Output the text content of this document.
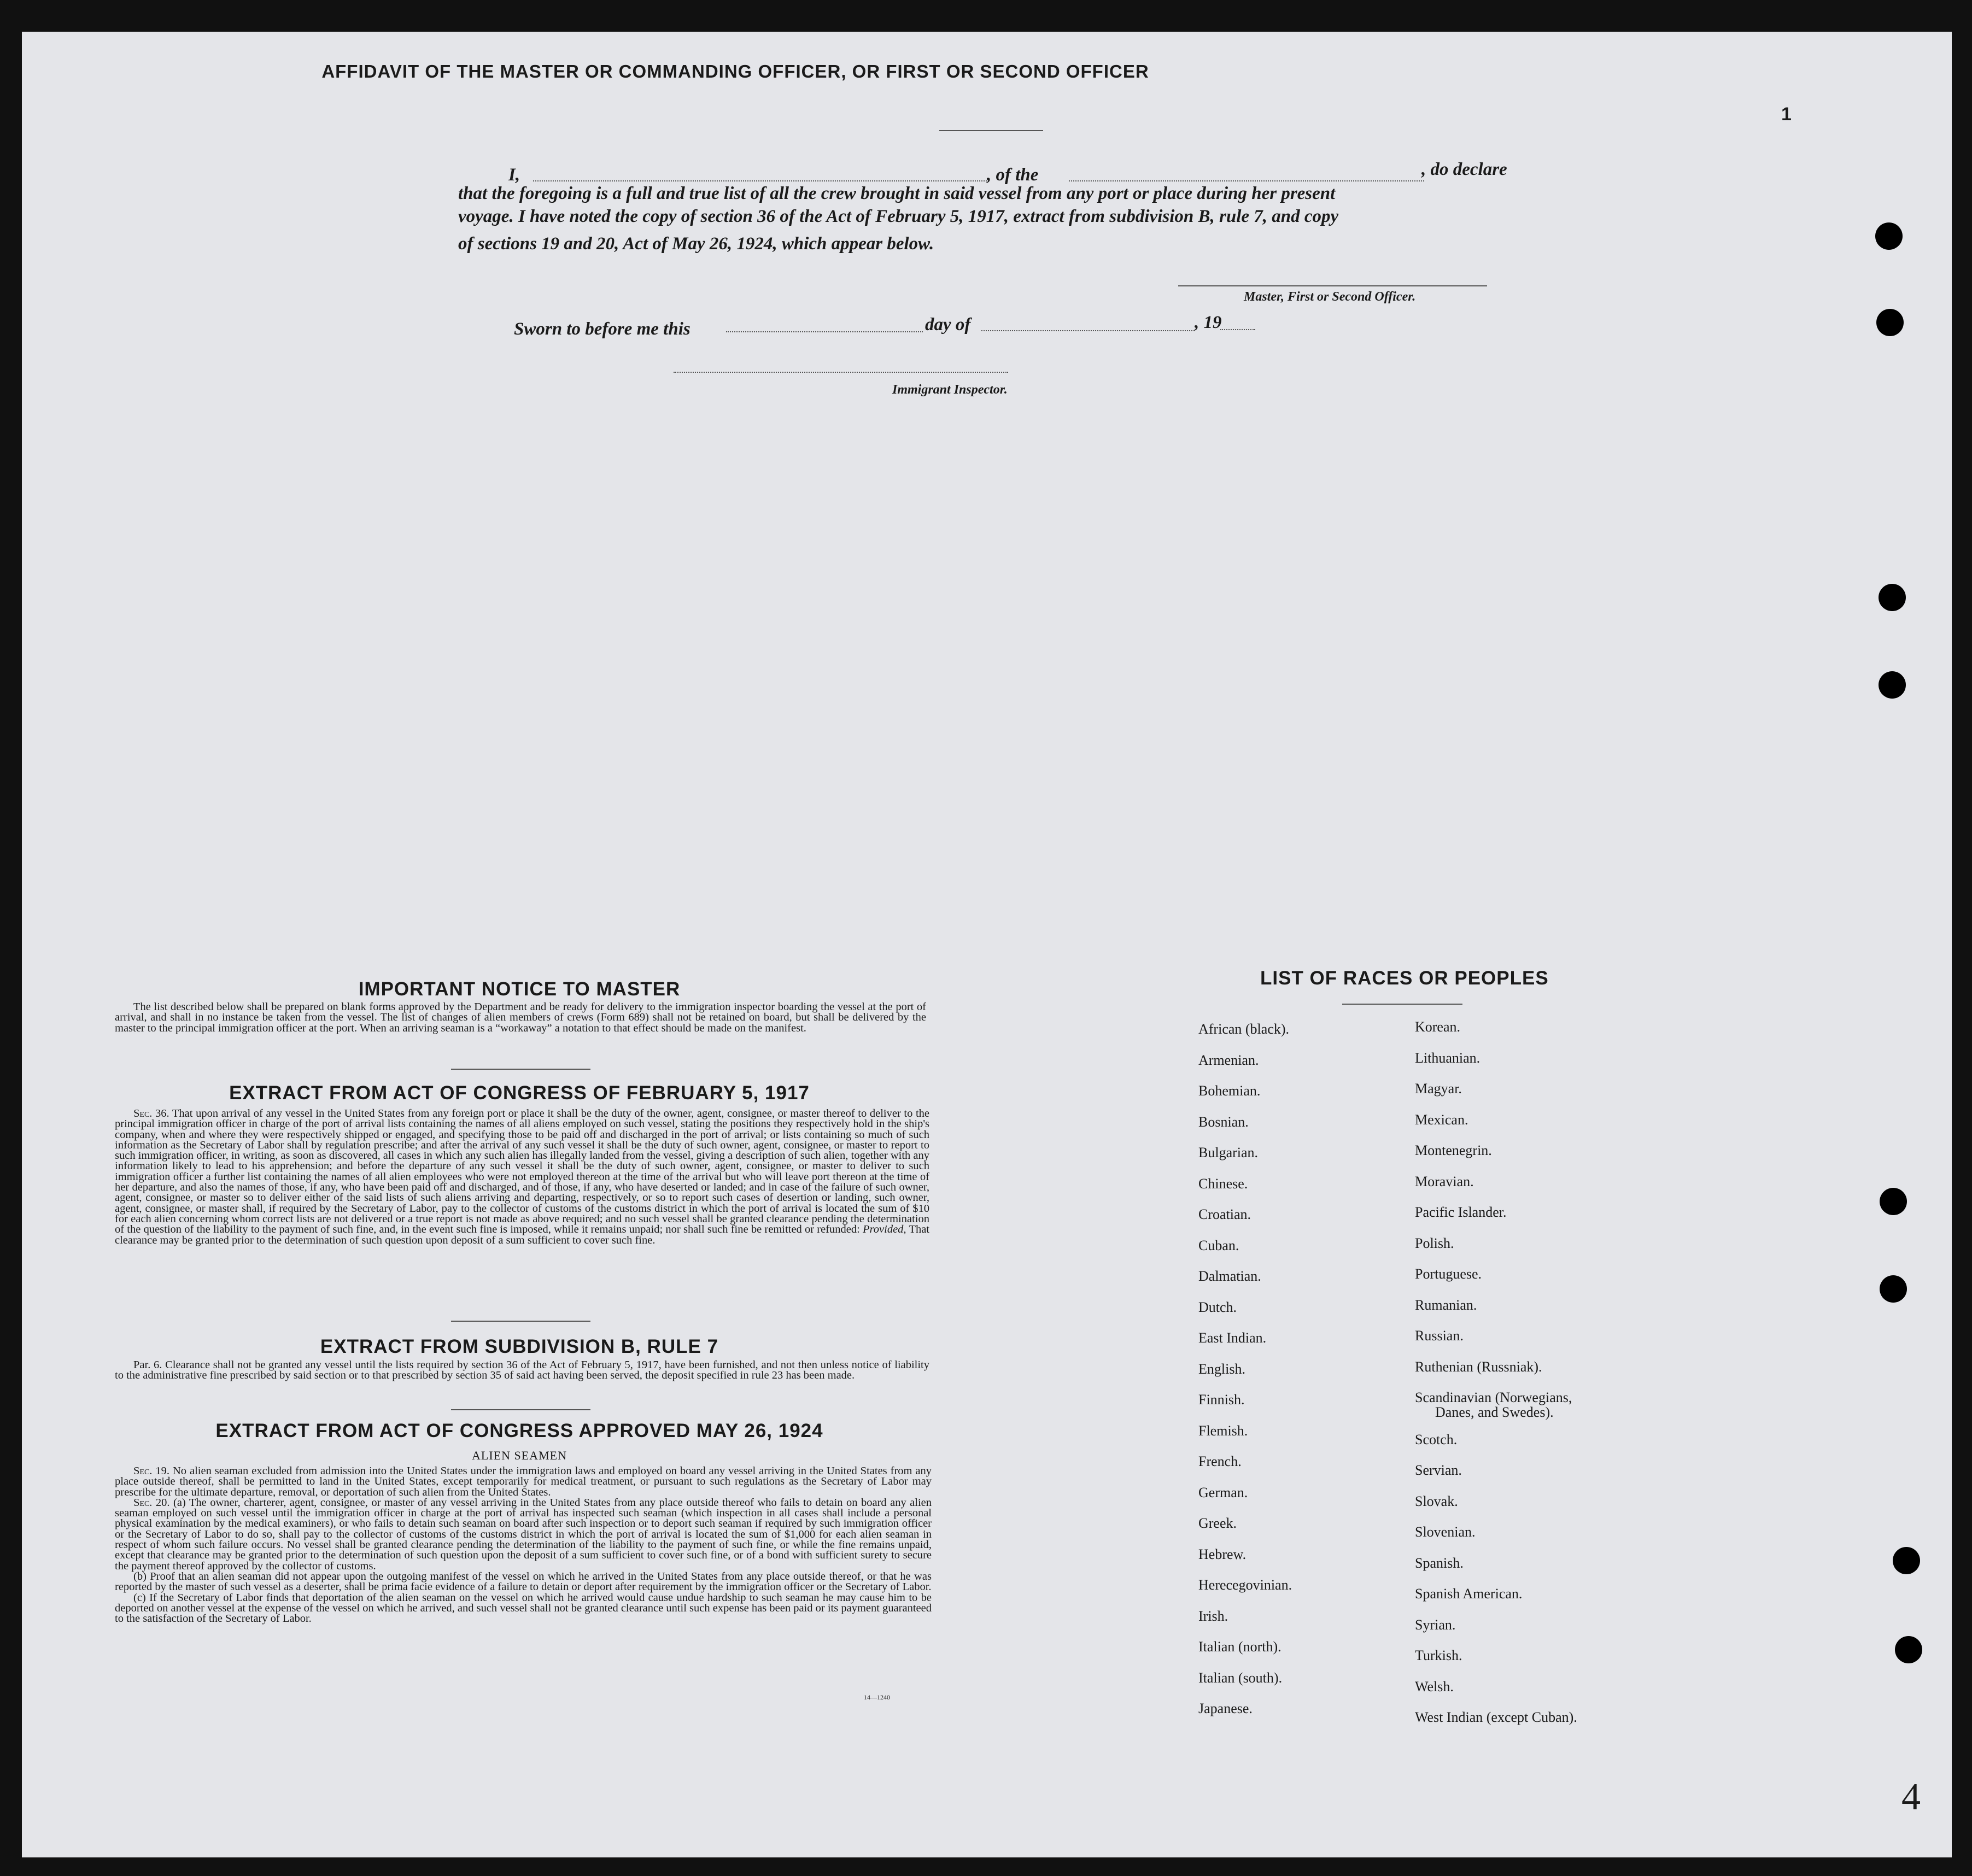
1
4
AFFIDAVIT OF THE MASTER OR COMMANDING OFFICER, OR FIRST OR SECOND OFFICER
I,	, of the	, do declare
that the foregoing is a full and true list of all the crew brought in said vessel from any port or place during her present
voyage. I have noted the copy of section 36 of the Act of February 5, 1917, extract from subdivision B, rule 7, and copy
of sections 19 and 20, Act of May 26, 1924, which appear below.
Master, First or Second Officer.
Sworn to before me this	day of	, 19
Immigrant Inspector.
IMPORTANT NOTICE TO MASTER
The list described below shall be prepared on blank forms approved by the Department and be ready for delivery to the immigration inspector boarding the vessel at the port of arrival, and shall in no instance be taken from the vessel. The list of changes of alien members of crews (Form 689) shall not be retained on board, but shall be delivered by the master to the principal immigration officer at the port. When an arriving seaman is a “workaway” a notation to that effect should be made on the manifest.
EXTRACT FROM ACT OF CONGRESS OF FEBRUARY 5, 1917
Sec. 36. That upon arrival of any vessel in the United States from any foreign port or place it shall be the duty of the owner, agent, consignee, or master thereof to deliver to the principal immigration officer in charge of the port of arrival lists containing the names of all aliens employed on such vessel, stating the positions they respectively hold in the ship's company, when and where they were respectively shipped or engaged, and specifying those to be paid off and discharged in the port of arrival; or lists containing so much of such information as the Secretary of Labor shall by regulation prescribe; and after the arrival of any such vessel it shall be the duty of such owner, agent, consignee, or master to report to such immigration officer, in writing, as soon as discovered, all cases in which any such alien has illegally landed from the vessel, giving a description of such alien, together with any information likely to lead to his apprehension; and before the departure of any such vessel it shall be the duty of such owner, agent, consignee, or master to deliver to such immigration officer a further list containing the names of all alien employees who were not employed thereon at the time of the arrival but who will leave port thereon at the time of her departure, and also the names of those, if any, who have been paid off and discharged, and of those, if any, who have deserted or landed; and in case of the failure of such owner, agent, consignee, or master so to deliver either of the said lists of such aliens arriving and departing, respectively, or so to report such cases of desertion or landing, such owner, agent, consignee, or master shall, if required by the Secretary of Labor, pay to the collector of customs of the customs district in which the port of arrival is located the sum of $10 for each alien concerning whom correct lists are not delivered or a true report is not made as above required; and no such vessel shall be granted clearance pending the determination of the question of the liability to the payment of such fine, and, in the event such fine is imposed, while it remains unpaid; nor shall such fine be remitted or refunded: Provided, That clearance may be granted prior to the determination of such question upon deposit of a sum sufficient to cover such fine.
EXTRACT FROM SUBDIVISION B, RULE 7
Par. 6. Clearance shall not be granted any vessel until the lists required by section 36 of the Act of February 5, 1917, have been furnished, and not then unless notice of liability to the administrative fine prescribed by said section or to that prescribed by section 35 of said act having been served, the deposit specified in rule 23 has been made.
EXTRACT FROM ACT OF CONGRESS APPROVED MAY 26, 1924
ALIEN SEAMEN
Sec. 19. No alien seaman excluded from admission into the United States under the immigration laws and employed on board any vessel arriving in the United States from any place outside thereof, shall be permitted to land in the United States, except temporarily for medical treatment, or pursuant to such regulations as the Secretary of Labor may prescribe for the ultimate departure, removal, or deportation of such alien from the United States.
Sec. 20. (a) The owner, charterer, agent, consignee, or master of any vessel arriving in the United States from any place outside thereof who fails to detain on board any alien seaman employed on such vessel until the immigration officer in charge at the port of arrival has inspected such seaman (which inspection in all cases shall include a personal physical examination by the medical examiners), or who fails to detain such seaman on board after such inspection or to deport such seaman if required by such immigration officer or the Secretary of Labor to do so, shall pay to the collector of customs of the customs district in which the port of arrival is located the sum of $1,000 for each alien seaman in respect of whom such failure occurs. No vessel shall be granted clearance pending the determination of the liability to the payment of such fine, or while the fine remains unpaid, except that clearance may be granted prior to the determination of such question upon the deposit of a sum sufficient to cover such fine, or of a bond with sufficient surety to secure the payment thereof approved by the collector of customs.
(b) Proof that an alien seaman did not appear upon the outgoing manifest of the vessel on which he arrived in the United States from any place outside thereof, or that he was reported by the master of such vessel as a deserter, shall be prima facie evidence of a failure to detain or deport after requirement by the immigration officer or the Secretary of Labor.
(c) If the Secretary of Labor finds that deportation of the alien seaman on the vessel on which he arrived would cause undue hardship to such seaman he may cause him to be deported on another vessel at the expense of the vessel on which he arrived, and such vessel shall not be granted clearance until such expense has been paid or its payment guaranteed to the satisfaction of the Secretary of Labor.
14—1240
LIST OF RACES OR PEOPLES
African (black).
Armenian.
Bohemian.
Bosnian.
Bulgarian.
Chinese.
Croatian.
Cuban.
Dalmatian.
Dutch.
East Indian.
English.
Finnish.
Flemish.
French.
German.
Greek.
Hebrew.
Herecegovinian.
Irish.
Italian (north).
Italian (south).
Japanese.
Korean.
Lithuanian.
Magyar.
Mexican.
Montenegrin.
Moravian.
Pacific Islander.
Polish.
Portuguese.
Rumanian.
Russian.
Ruthenian (Russniak).
Scandinavian (Norwegians,
Danes, and Swedes).
Scotch.
Servian.
Slovak.
Slovenian.
Spanish.
Spanish American.
Syrian.
Turkish.
Welsh.
West Indian (except Cuban).
